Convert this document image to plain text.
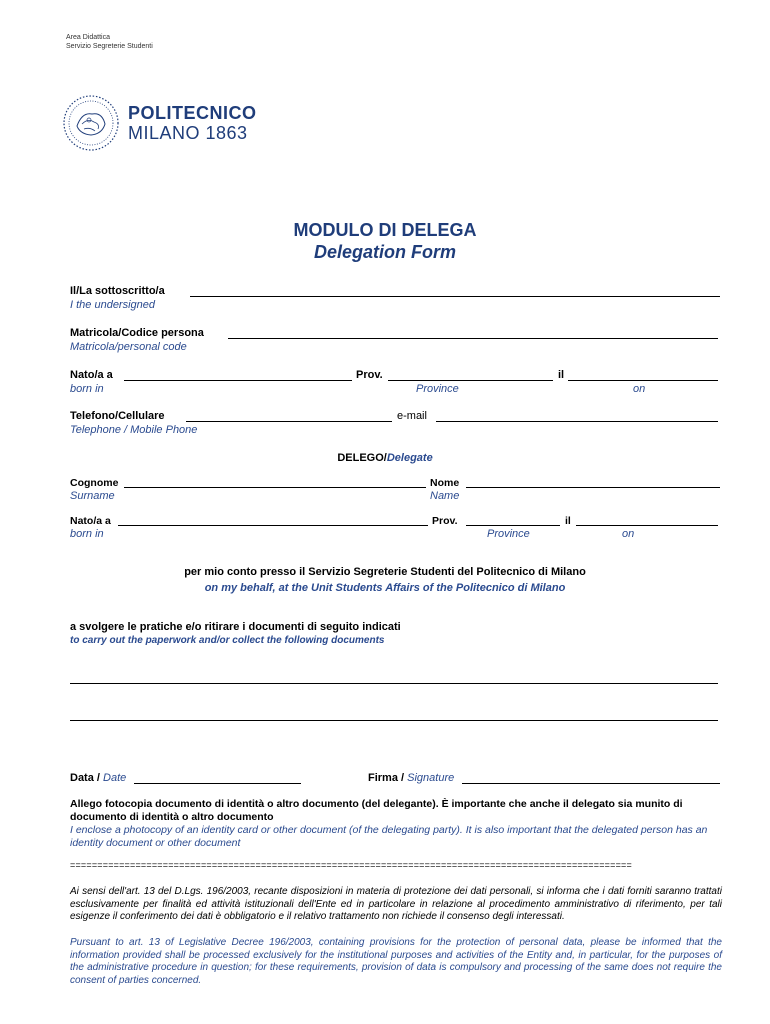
Area Didattica
Servizio Segreterie Studenti
POLITECNICO
MILANO 1863
MODULO DI DELEGA
Delegation Form
Il/La sottoscritto/a
I the undersigned
Matricola/Codice persona
Matricola/personal code
Nato/a a	Prov.	il
born in	Province	on
Telefono/Cellulare	e-mail
Telephone / Mobile Phone
DELEGO/Delegate
Cognome	Nome
Surname	Name
Nato/a a	Prov.	il
born in	Province	on
per mio conto presso il Servizio Segreterie Studenti del Politecnico di Milano
on my behalf, at the Unit Students Affairs of the Politecnico di Milano
a svolgere le pratiche e/o ritirare i documenti di seguito indicati
to carry out the paperwork and/or collect the following documents
Data / Date	Firma / Signature
Allego fotocopia documento di identità o altro documento (del delegante). È importante che anche il delegato sia munito di documento di identità o altro documento
I enclose a photocopy of an identity card or other document (of the delegating party). It is also important that the delegated person has an identity document or other document
=======================================================================================================
Ai sensi dell'art. 13 del D.Lgs. 196/2003, recante disposizioni in materia di protezione dei dati personali, si informa che i dati forniti saranno trattati esclusivamente per finalità ed attività istituzionali dell'Ente ed in particolare in relazione al procedimento amministrativo di riferimento, per tali esigenze il conferimento dei dati è obbligatorio e il relativo trattamento non richiede il consenso degli interessati.
Pursuant to art. 13 of Legislative Decree 196/2003, containing provisions for the protection of personal data, please be informed that the information provided shall be processed exclusively for the institutional purposes and activities of the Entity and, in particular, for the purposes of the administrative procedure in question; for these requirements, provision of data is compulsory and processing of the same does not require the consent of parties concerned.
